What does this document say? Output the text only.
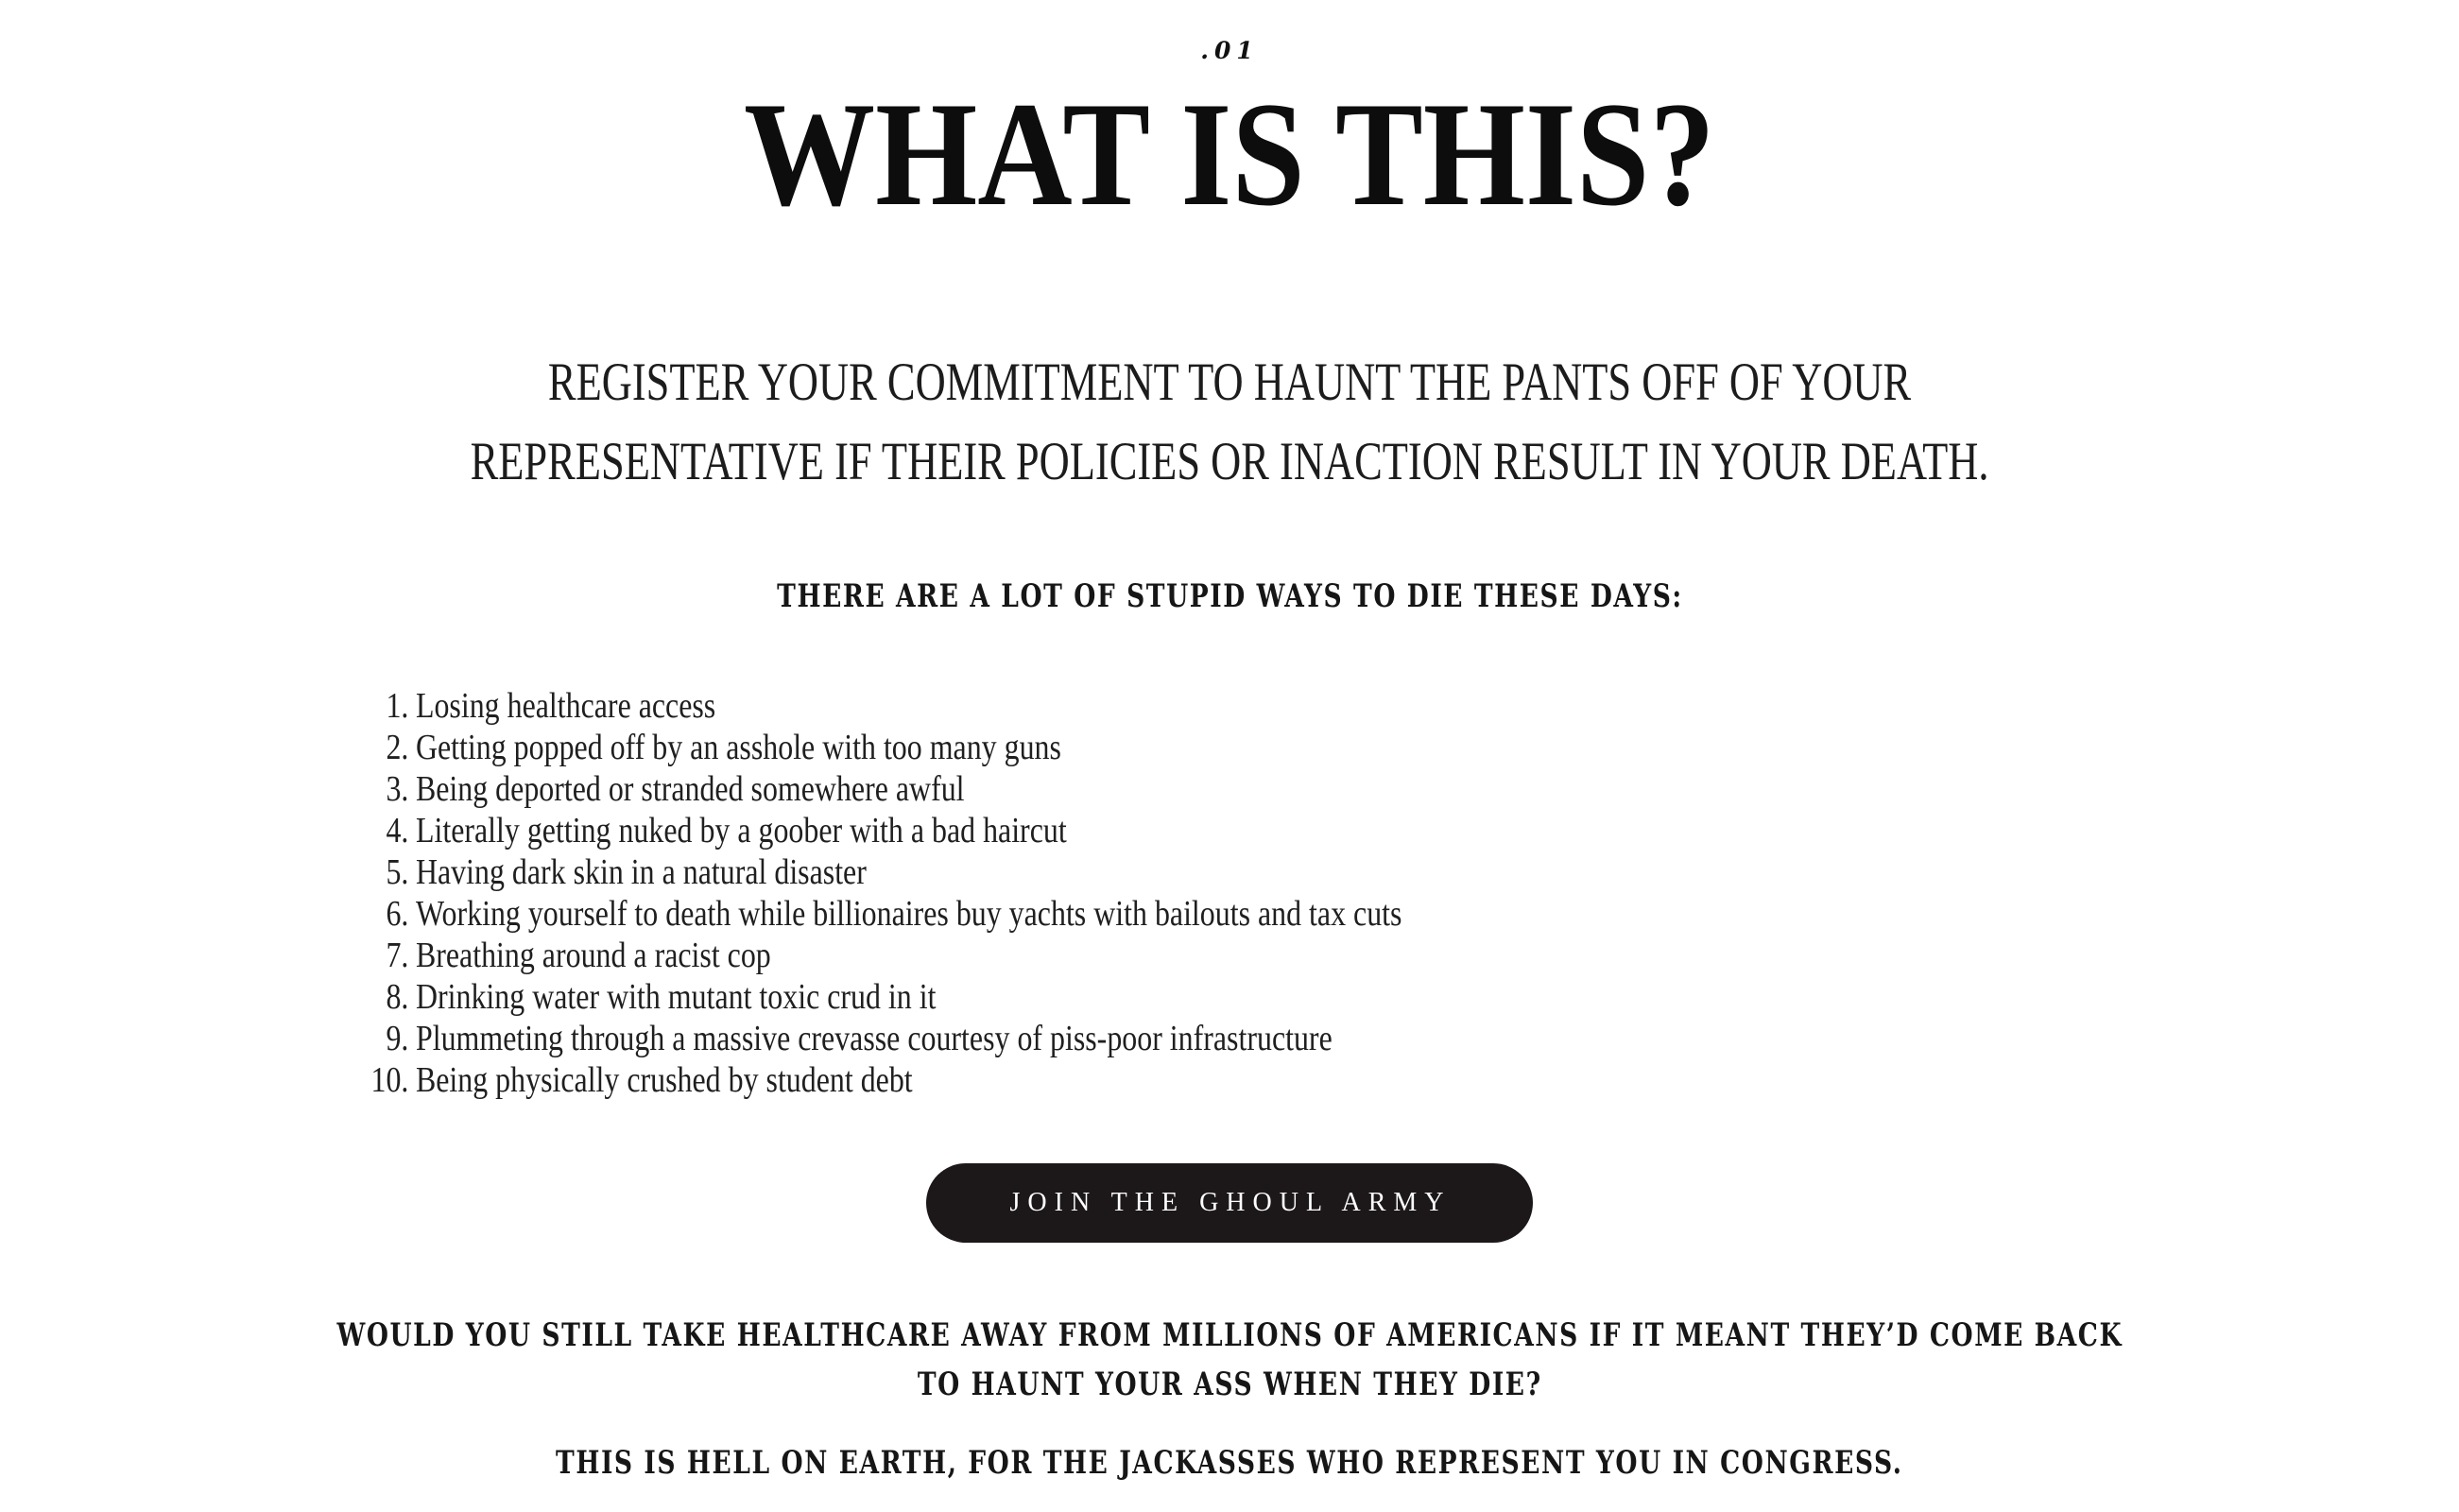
.01
WHAT IS THIS?
REGISTER YOUR COMMITMENT TO HAUNT THE PANTS OFF OF YOUR
REPRESENTATIVE IF THEIR POLICIES OR INACTION RESULT IN YOUR DEATH.
THERE ARE A LOT OF STUPID WAYS TO DIE THESE DAYS:
1. Losing healthcare access
2. Getting popped off by an asshole with too many guns
3. Being deported or stranded somewhere awful
4. Literally getting nuked by a goober with a bad haircut
5. Having dark skin in a natural disaster
6. Working yourself to death while billionaires buy yachts with bailouts and tax cuts
7. Breathing around a racist cop
8. Drinking water with mutant toxic crud in it
9. Plummeting through a massive crevasse courtesy of piss-poor infrastructure
10. Being physically crushed by student debt
JOIN THE GHOUL ARMY
WOULD YOU STILL TAKE HEALTHCARE AWAY FROM MILLIONS OF AMERICANS IF IT MEANT THEY’D COME BACK
TO HAUNT YOUR ASS WHEN THEY DIE?
THIS IS HELL ON EARTH, FOR THE JACKASSES WHO REPRESENT YOU IN CONGRESS.
